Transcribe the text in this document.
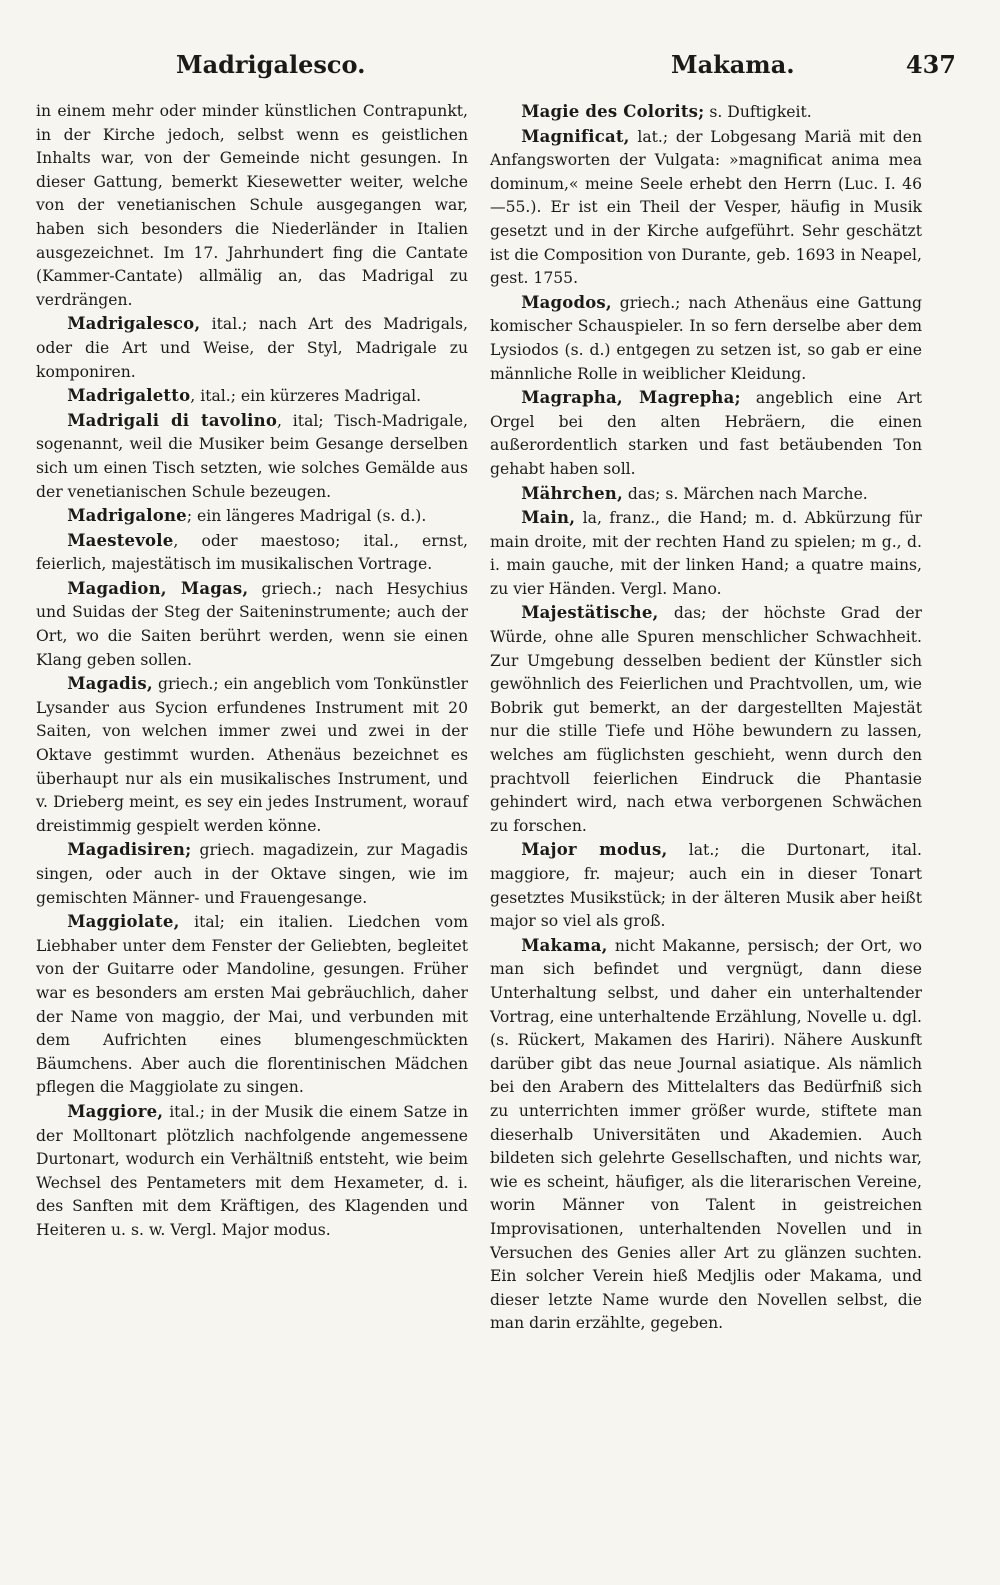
Madrigalesco.	Makama.	437

in einem mehr oder minder künstlichen Contrapunkt, in der Kirche jedoch, selbst wenn es geistlichen Inhalts war, von der Gemeinde nicht gesungen. In dieser Gattung, bemerkt Kiesewetter weiter, welche von der venetianischen Schule ausgegangen war, haben sich besonders die Niederländer in Italien ausgezeichnet. Im 17. Jahrhundert fing die Cantate (Kammer-Cantate) allmälig an, das Madrigal zu verdrängen.

Madrigalesco, ital.; nach Art des Madrigals, oder die Art und Weise, der Styl, Madrigale zu komponiren.

Madrigaletto, ital.; ein kürzeres Madrigal.

Madrigali di tavolino, ital; Tisch-Madrigale, sogenannt, weil die Musiker beim Gesange derselben sich um einen Tisch setzten, wie solches Gemälde aus der venetianischen Schule bezeugen.

Madrigalone; ein längeres Madrigal (s. d.).

Maestevole, oder maestoso; ital., ernst, feierlich, majestätisch im musikalischen Vortrage.

Magadion, Magas, griech.; nach Hesychius und Suidas der Steg der Saiteninstrumente; auch der Ort, wo die Saiten berührt werden, wenn sie einen Klang geben sollen.

Magadis, griech.; ein angeblich vom Tonkünstler Lysander aus Sycion erfundenes Instrument mit 20 Saiten, von welchen immer zwei und zwei in der Oktave gestimmt wurden. Athenäus bezeichnet es überhaupt nur als ein musikalisches Instrument, und v. Drieberg meint, es sey ein jedes Instrument, worauf dreistimmig gespielt werden könne.

Magadisiren; griech. magadizein, zur Magadis singen, oder auch in der Oktave singen, wie im gemischten Männer- und Frauengesange.

Maggiolate, ital; ein italien. Liedchen vom Liebhaber unter dem Fenster der Geliebten, begleitet von der Guitarre oder Mandoline, gesungen. Früher war es besonders am ersten Mai gebräuchlich, daher der Name von maggio, der Mai, und verbunden mit dem Aufrichten eines blumengeschmückten Bäumchens. Aber auch die florentinischen Mädchen pflegen die Maggiolate zu singen.

Maggiore, ital.; in der Musik die einem Satze in der Molltonart plötzlich nachfolgende angemessene Durtonart, wodurch ein Verhältniß entsteht, wie beim Wechsel des Pentameters mit dem Hexameter, d. i. des Sanften mit dem Kräftigen, des Klagenden und Heiteren u. s. w. Vergl. Major modus.

Magie des Colorits; s. Duftigkeit.

Magnificat, lat.; der Lobgesang Mariä mit den Anfangsworten der Vulgata: »magnificat anima mea dominum,« meine Seele erhebt den Herrn (Luc. I. 46—55.). Er ist ein Theil der Vesper, häufig in Musik gesetzt und in der Kirche aufgeführt. Sehr geschätzt ist die Composition von Durante, geb. 1693 in Neapel, gest. 1755.

Magodos, griech.; nach Athenäus eine Gattung komischer Schauspieler. In so fern derselbe aber dem Lysiodos (s. d.) entgegen zu setzen ist, so gab er eine männliche Rolle in weiblicher Kleidung.

Magrapha, Magrepha; angeblich eine Art Orgel bei den alten Hebräern, die einen außerordentlich starken und fast betäubenden Ton gehabt haben soll.

Mährchen, das; s. Märchen nach Marche.

Main, la, franz., die Hand; m. d. Abkürzung für main droite, mit der rechten Hand zu spielen; m g., d. i. main gauche, mit der linken Hand; a quatre mains, zu vier Händen. Vergl. Mano.

Majestätische, das; der höchste Grad der Würde, ohne alle Spuren menschlicher Schwachheit. Zur Umgebung desselben bedient der Künstler sich gewöhnlich des Feierlichen und Prachtvollen, um, wie Bobrik gut bemerkt, an der dargestellten Majestät nur die stille Tiefe und Höhe bewundern zu lassen, welches am füglichsten geschieht, wenn durch den prachtvoll feierlichen Eindruck die Phantasie gehindert wird, nach etwa verborgenen Schwächen zu forschen.

Major modus, lat.; die Durtonart, ital. maggiore, fr. majeur; auch ein in dieser Tonart gesetztes Musikstück; in der älteren Musik aber heißt major so viel als groß.

Makama, nicht Makanne, persisch; der Ort, wo man sich befindet und vergnügt, dann diese Unterhaltung selbst, und daher ein unterhaltender Vortrag, eine unterhaltende Erzählung, Novelle u. dgl. (s. Rückert, Makamen des Hariri). Nähere Auskunft darüber gibt das neue Journal asiatique. Als nämlich bei den Arabern des Mittelalters das Bedürfniß sich zu unterrichten immer größer wurde, stiftete man dieserhalb Universitäten und Akademien. Auch bildeten sich gelehrte Gesellschaften, und nichts war, wie es scheint, häufiger, als die literarischen Vereine, worin Männer von Talent in geistreichen Improvisationen, unterhaltenden Novellen und in Versuchen des Genies aller Art zu glänzen suchten. Ein solcher Verein hieß Medjlis oder Makama, und dieser letzte Name wurde den Novellen selbst, die man darin erzählte, gegeben.
